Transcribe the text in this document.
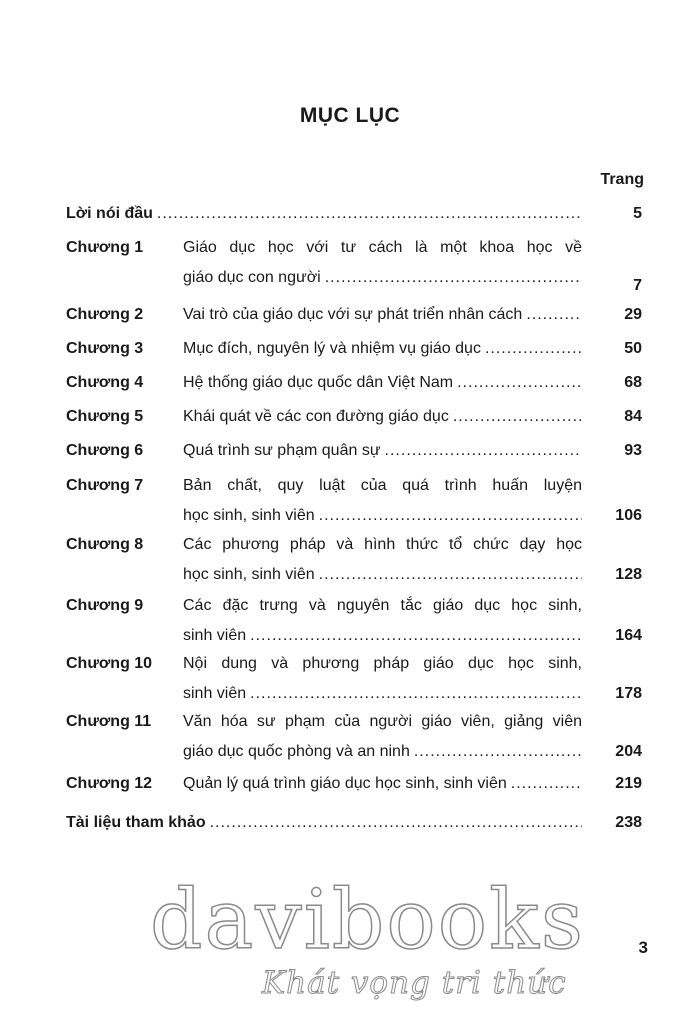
MỤC LỤC
Trang
Lời nói đầu .....	5
Chương 1 Giáo dục học với tư cách là một khoa học về
giáo dục con người .....	7
Chương 2 Vai trò của giáo dục với sự phát triển nhân cách .....	29
Chương 3 Mục đích, nguyên lý và nhiệm vụ giáo dục .....	50
Chương 4 Hệ thống giáo dục quốc dân Việt Nam .....	68
Chương 5 Khái quát về các con đường giáo dục .....	84
Chương 6 Quá trình sư phạm quân sự .....	93
Chương 7 Bản chất, quy luật của quá trình huấn luyện
học sinh, sinh viên .....	106
Chương 8 Các phương pháp và hình thức tổ chức dạy học
học sinh, sinh viên .....	128
Chương 9 Các đặc trưng và nguyên tắc giáo dục học sinh,
sinh viên .....	164
Chương 10 Nội dung và phương pháp giáo dục học sinh,
sinh viên .....	178
Chương 11 Văn hóa sư phạm của người giáo viên, giảng viên
giáo dục quốc phòng và an ninh .....	204
Chương 12 Quản lý quá trình giáo dục học sinh, sinh viên .....	219
Tài liệu tham khảo .....	238
davibooks
Khát vọng tri thức
3
